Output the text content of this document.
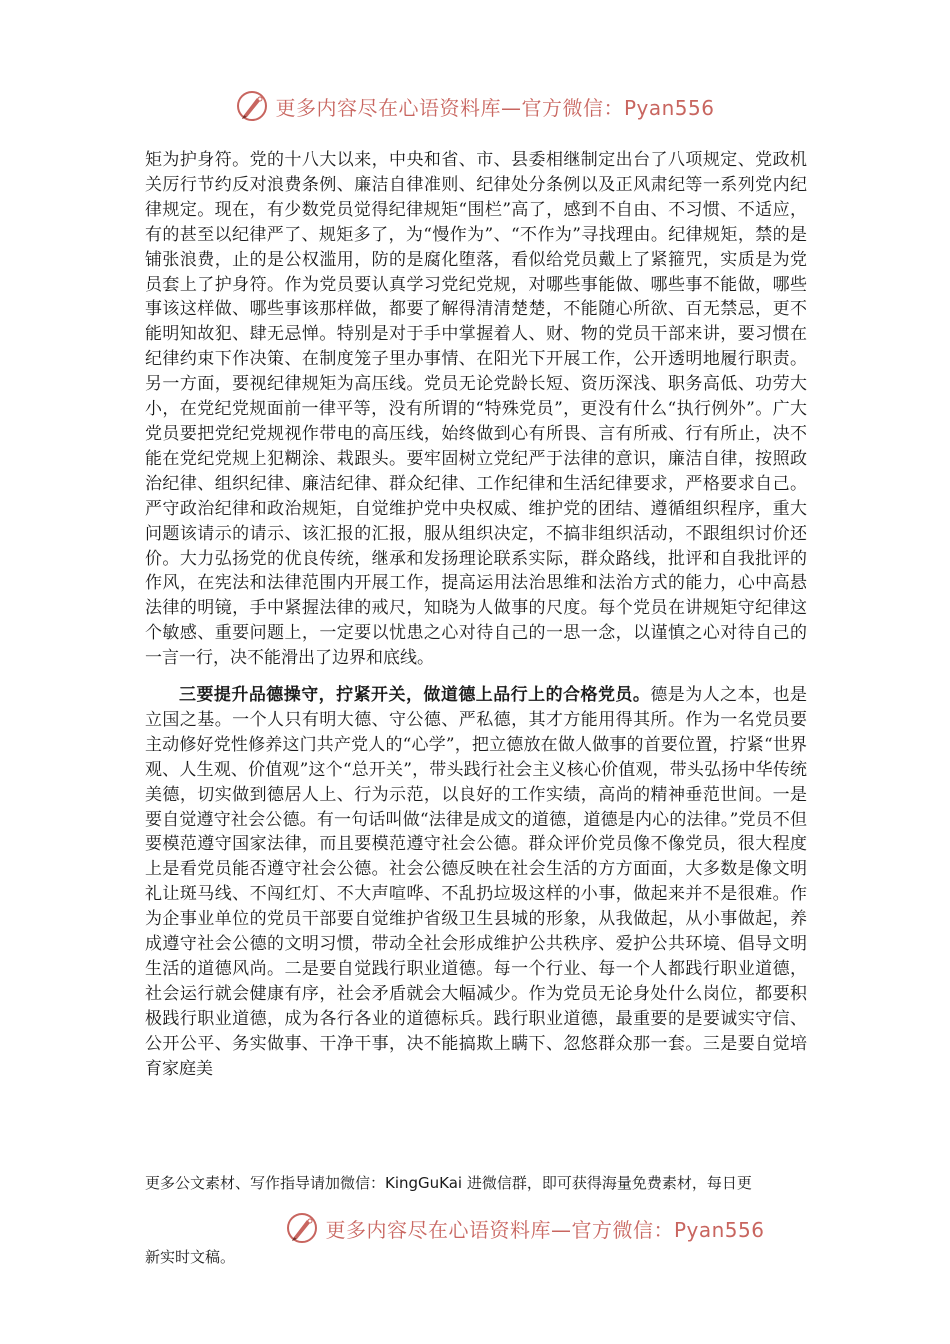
更多内容尽在心语资料库—官方微信：Pyan556

矩为护身符。党的十八大以来，中央和省、市、县委相继制定出台了八项规定、党政机关厉行节约反对浪费条例、廉洁自律准则、纪律处分条例以及正风肃纪等一系列党内纪律规定。现在，有少数党员觉得纪律规矩“围栏”高了，感到不自由、不习惯、不适应，有的甚至以纪律严了、规矩多了，为“慢作为”、“不作为”寻找理由。纪律规矩，禁的是铺张浪费，止的是公权滥用，防的是腐化堕落，看似给党员戴上了紧箍咒，实质是为党员套上了护身符。作为党员要认真学习党纪党规，对哪些事能做、哪些事不能做，哪些事该这样做、哪些事该那样做，都要了解得清清楚楚，不能随心所欲、百无禁忌，更不能明知故犯、肆无忌惮。特别是对于手中掌握着人、财、物的党员干部来讲，要习惯在纪律约束下作决策、在制度笼子里办事情、在阳光下开展工作，公开透明地履行职责。另一方面，要视纪律规矩为高压线。党员无论党龄长短、资历深浅、职务高低、功劳大小，在党纪党规面前一律平等，没有所谓的“特殊党员”，更没有什么“执行例外”。广大党员要把党纪党规视作带电的高压线，始终做到心有所畏、言有所戒、行有所止，决不能在党纪党规上犯糊涂、栽跟头。要牢固树立党纪严于法律的意识，廉洁自律，按照政治纪律、组织纪律、廉洁纪律、群众纪律、工作纪律和生活纪律要求，严格要求自己。严守政治纪律和政治规矩，自觉维护党中央权威、维护党的团结、遵循组织程序，重大问题该请示的请示、该汇报的汇报，服从组织决定，不搞非组织活动，不跟组织讨价还价。大力弘扬党的优良传统，继承和发扬理论联系实际，群众路线，批评和自我批评的作风，在宪法和法律范围内开展工作，提高运用法治思维和法治方式的能力，心中高悬法律的明镜，手中紧握法律的戒尺，知晓为人做事的尺度。每个党员在讲规矩守纪律这个敏感、重要问题上，一定要以忧患之心对待自己的一思一念，以谨慎之心对待自己的一言一行，决不能滑出了边界和底线。

三要提升品德操守，拧紧开关，做道德上品行上的合格党员。德是为人之本，也是立国之基。一个人只有明大德、守公德、严私德，其才方能用得其所。作为一名党员要主动修好党性修养这门共产党人的“心学”，把立德放在做人做事的首要位置，拧紧“世界观、人生观、价值观”这个“总开关”，带头践行社会主义核心价值观，带头弘扬中华传统美德，切实做到德居人上、行为示范，以良好的工作实绩，高尚的精神垂范世间。一是要自觉遵守社会公德。有一句话叫做“法律是成文的道德，道德是内心的法律。”党员不但要模范遵守国家法律，而且要模范遵守社会公德。群众评价党员像不像党员，很大程度上是看党员能否遵守社会公德。社会公德反映在社会生活的方方面面，大多数是像文明礼让斑马线、不闯红灯、不大声喧哗、不乱扔垃圾这样的小事，做起来并不是很难。作为企事业单位的党员干部要自觉维护省级卫生县城的形象，从我做起，从小事做起，养成遵守社会公德的文明习惯，带动全社会形成维护公共秩序、爱护公共环境、倡导文明生活的道德风尚。二是要自觉践行职业道德。每一个行业、每一个人都践行职业道德，社会运行就会健康有序，社会矛盾就会大幅减少。作为党员无论身处什么岗位，都要积极践行职业道德，成为各行各业的道德标兵。践行职业道德，最重要的是要诚实守信、公开公平、务实做事、干净干事，决不能搞欺上瞒下、忽悠群众那一套。三是要自觉培育家庭美

更多公文素材、写作指导请加微信：KingGuKai 进微信群，即可获得海量免费素材，每日更
更多内容尽在心语资料库—官方微信：Pyan556
新实时文稿。
